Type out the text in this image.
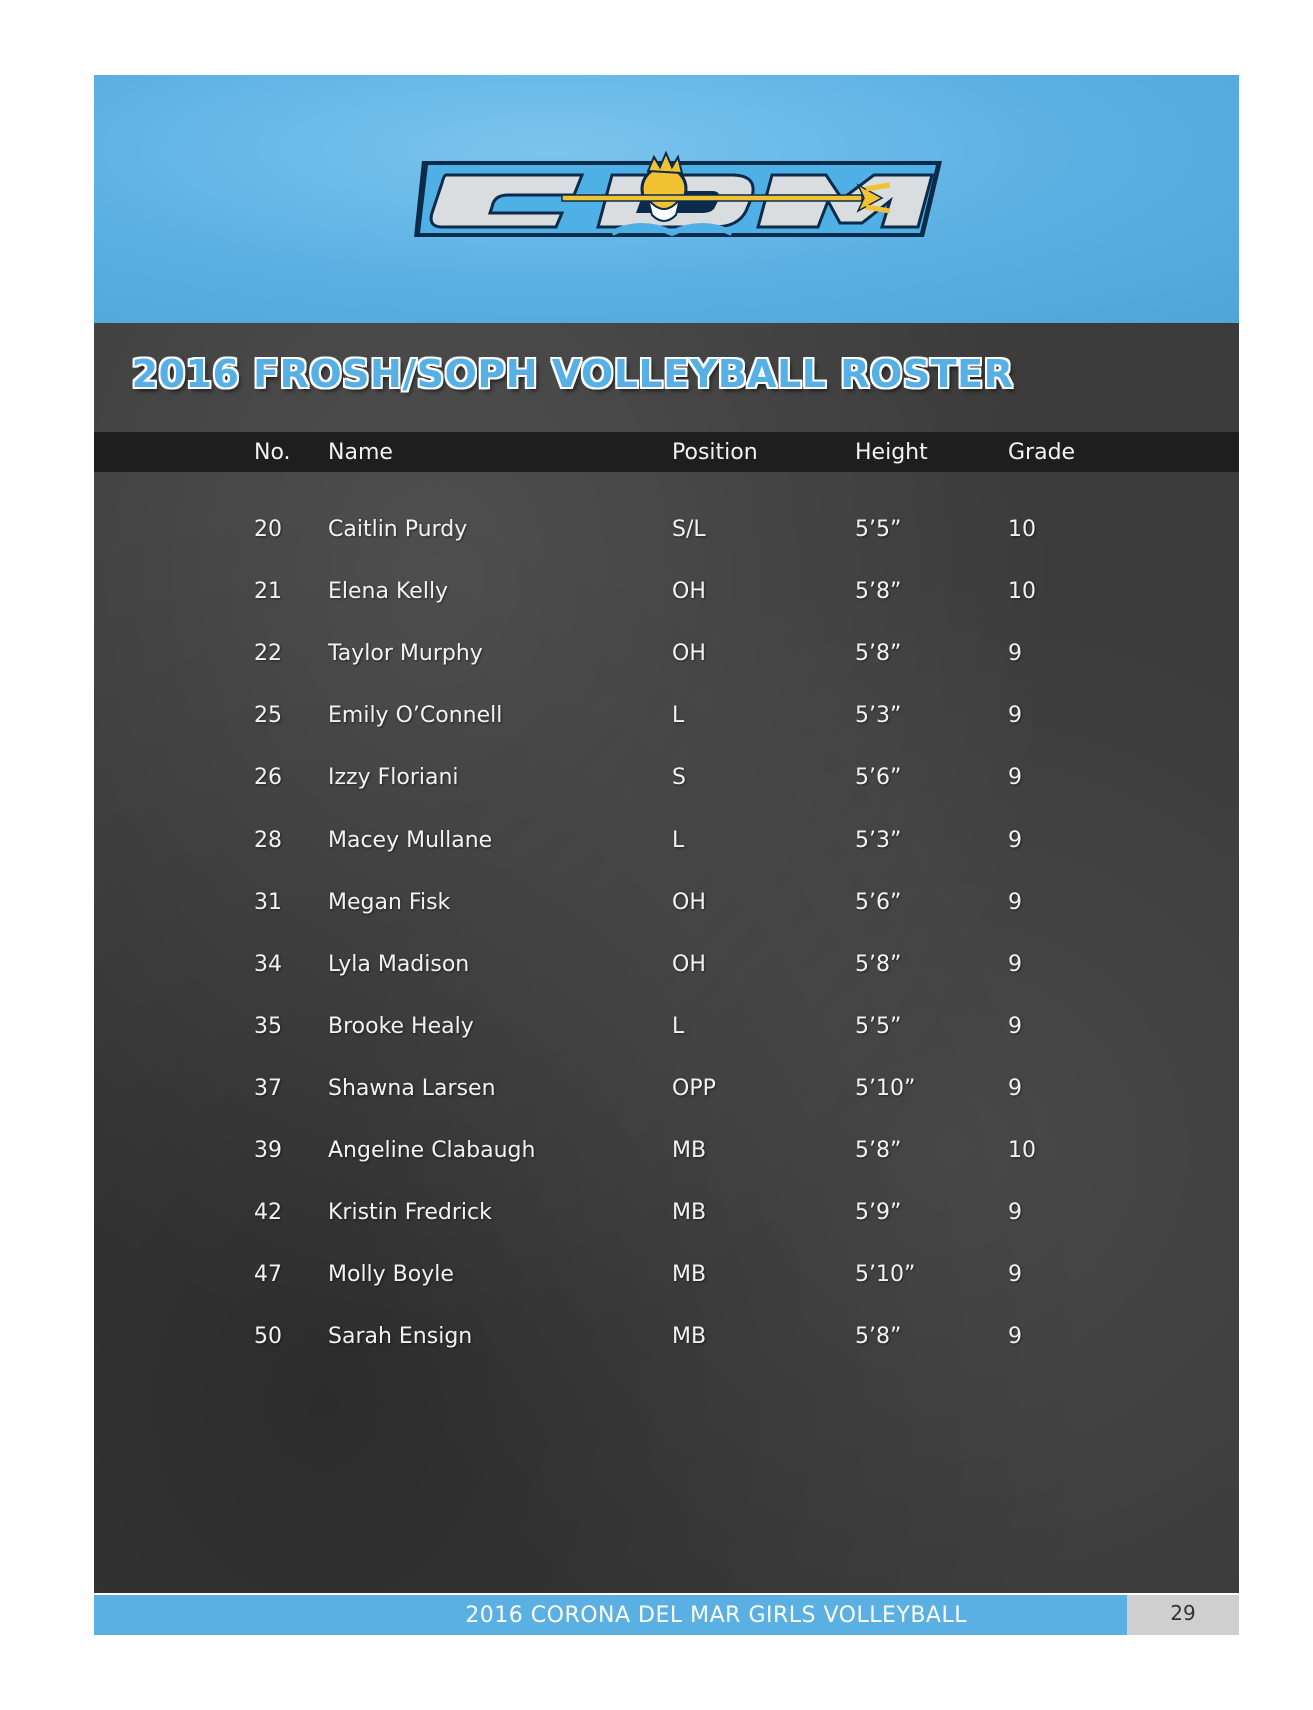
2016 FROSH/SOPH VOLLEYBALL ROSTER
No. Name	Position	Height	Grade
20 Caitlin Purdy	S/L	5’5”	10
21 Elena Kelly	OH	5’8”	10
22 Taylor Murphy	OH	5’8”	9
25 Emily O’Connell	L	5’3”	9
26 Izzy Floriani	S	5’6”	9
28 Macey Mullane	L	5’3”	9
31 Megan Fisk	OH	5’6”	9
34 Lyla Madison	OH	5’8”	9
35 Brooke Healy	L	5’5”	9
37 Shawna Larsen	OPP	5’10”	9
39 Angeline Clabaugh	MB	5’8”	10
42 Kristin Fredrick	MB	5’9”	9
47 Molly Boyle	MB	5’10”	9
50 Sarah Ensign	MB	5’8”	9
2016 CORONA DEL MAR GIRLS VOLLEYBALL	29
